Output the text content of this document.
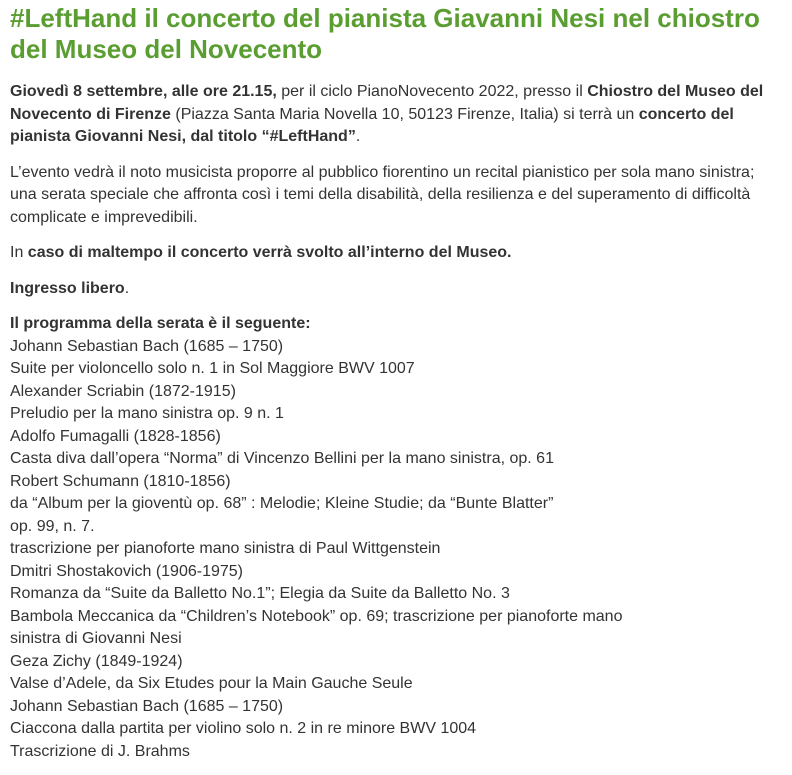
#LeftHand il concerto del pianista Giavanni Nesi nel chiostro del Museo del Novecento

Giovedì 8 settembre, alle ore 21.15, per il ciclo PianoNovecento 2022, presso il Chiostro del Museo del Novecento di Firenze (Piazza Santa Maria Novella 10, 50123 Firenze, Italia) si terrà un concerto del pianista Giovanni Nesi, dal titolo “#LeftHand”.

L’evento vedrà il noto musicista proporre al pubblico fiorentino un recital pianistico per sola mano sinistra; una serata speciale che affronta così i temi della disabilità, della resilienza e del superamento di difficoltà complicate e imprevedibili.

In caso di maltempo il concerto verrà svolto all’interno del Museo.

Ingresso libero.

Il programma della serata è il seguente:

Johann Sebastian Bach (1685 – 1750)
Suite per violoncello solo n. 1 in Sol Maggiore BWV 1007
Alexander Scriabin (1872-1915)
Preludio per la mano sinistra op. 9 n. 1
Adolfo Fumagalli (1828-1856)
Casta diva dall’opera “Norma” di Vincenzo Bellini per la mano sinistra, op. 61
Robert Schumann (1810-1856)
da “Album per la gioventù op. 68” : Melodie; Kleine Studie; da “Bunte Blatter”
op. 99, n. 7.
trascrizione per pianoforte mano sinistra di Paul Wittgenstein
Dmitri Shostakovich (1906-1975)
Romanza da “Suite da Balletto No.1”; Elegia da Suite da Balletto No. 3
Bambola Meccanica da “Children’s Notebook” op. 69; trascrizione per pianoforte mano
sinistra di Giovanni Nesi
Geza Zichy (1849-1924)
Valse d’Adele, da Six Etudes pour la Main Gauche Seule
Johann Sebastian Bach (1685 – 1750)
Ciaccona dalla partita per violino solo n. 2 in re minore BWV 1004
Trascrizione di J. Brahms
